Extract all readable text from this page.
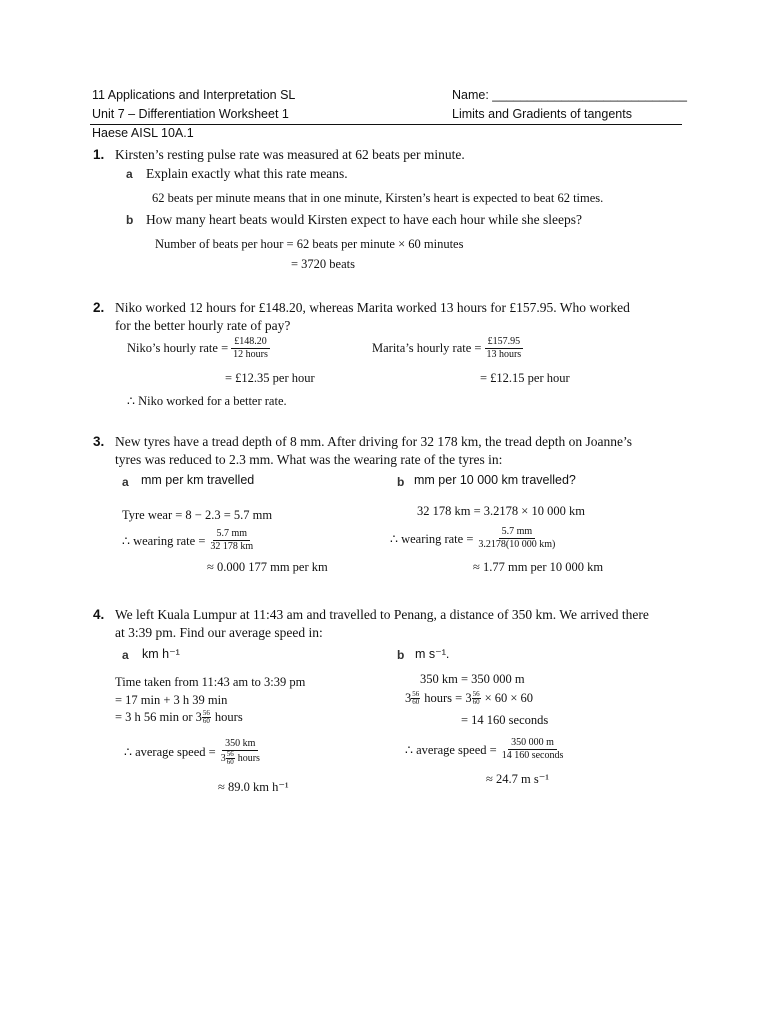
11 Applications and Interpretation SL
Unit 7 – Differentiation Worksheet 1
Haese AISL 10A.1
Name: ____________________________
Limits and Gradients of tangents
1. Kirsten’s resting pulse rate was measured at 62 beats per minute.
a Explain exactly what this rate means.
62 beats per minute means that in one minute, Kirsten’s heart is expected to beat 62 times.
b How many heart beats would Kirsten expect to have each hour while she sleeps?
Number of beats per hour = 62 beats per minute × 60 minutes
= 3720 beats
2. Niko worked 12 hours for £148.20, whereas Marita worked 13 hours for £157.95. Who worked
for the better hourly rate of pay?
Niko’s hourly rate = $\frac{£148.20}{\text{12 hours}}$
= £12.35 per hour
Marita’s hourly rate = $\frac{£157.95}{\text{13 hours}}$
= £12.15 per hour
∴ Niko worked for a better rate.
3. New tyres have a tread depth of 8 mm. After driving for 32 178 km, the tread depth on Joanne’s
tyres was reduced to 2.3 mm. What was the wearing rate of the tyres in:
a mm per km travelled	b mm per 10 000 km travelled?
Tyre wear = 8 − 2.3 = 5.7 mm
∴ wearing rate = $\frac{5.7 mm}{32 178 km}$
≈ 0.000 177 mm per km
32 178 km = 3.2178 × 10 000 km
∴ wearing rate = $\frac{5.7 mm}{3.2178(10 000 km)}$
≈ 1.77 mm per 10 000 km
4. We left Kuala Lumpur at 11:43 am and travelled to Penang, a distance of 350 km. We arrived there
at 3:39 pm. Find our average speed in:
a km h⁻¹	b m s⁻¹.
Time taken from 11:43 am to 3:39 pm
= 17 min + 3 h 39 min
= 3 h 56 min or $3 \frac{56}{60}$ hours
∴ average speed = $\frac{350 km}{3 \frac{56}{60} hours}$
≈ 89.0 km h⁻¹
350 km = 350 000 m
$3 \frac{56}{60}$ hours = $3 \frac{56}{60} \times 60 \times 60$
= 14 160 seconds
∴ average speed = $\frac{350 000 m}{\text{14 160 seconds}}$
≈ 24.7 m s⁻¹
